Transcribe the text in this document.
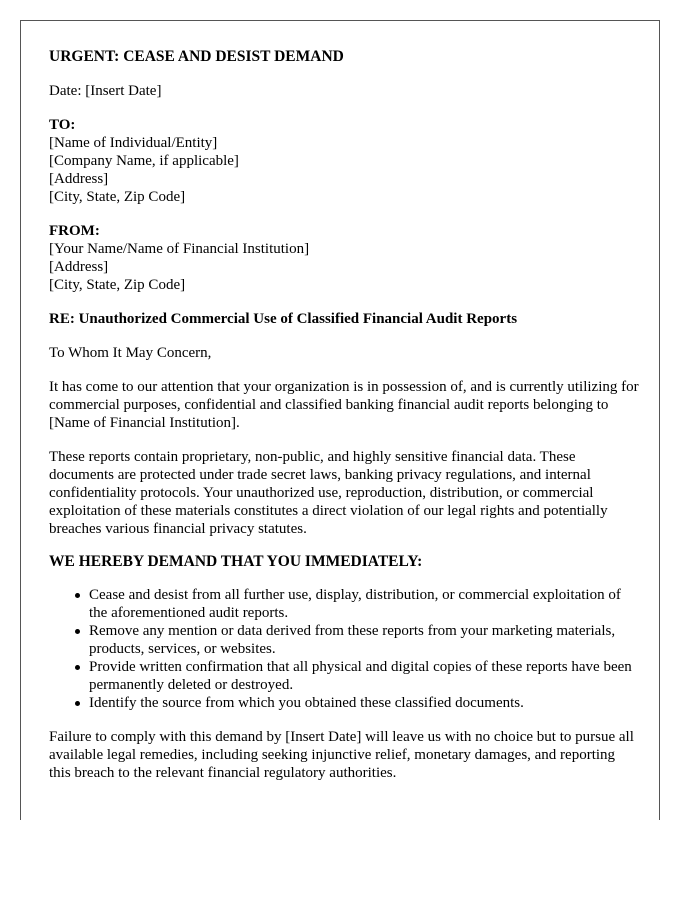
URGENT: CEASE AND DESIST DEMAND

Date: [Insert Date]

TO:
[Name of Individual/Entity]
[Company Name, if applicable]
[Address]
[City, State, Zip Code]
FROM:
[Your Name/Name of Financial Institution]
[Address]
[City, State, Zip Code]

RE: Unauthorized Commercial Use of Classified Financial Audit Reports

To Whom It May Concern,

It has come to our attention that your organization is in possession of, and is currently utilizing for commercial purposes, confidential and classified banking financial audit reports belonging to [Name of Financial Institution].

These reports contain proprietary, non-public, and highly sensitive financial data. These documents are protected under trade secret laws, banking privacy regulations, and internal confidentiality protocols. Your unauthorized use, reproduction, distribution, or commercial exploitation of these materials constitutes a direct violation of our legal rights and potentially breaches various financial privacy statutes.

WE HEREBY DEMAND THAT YOU IMMEDIATELY:

Cease and desist from all further use, display, distribution, or commercial exploitation of the aforementioned audit reports.
Remove any mention or data derived from these reports from your marketing materials, products, services, or websites.
Provide written confirmation that all physical and digital copies of these reports have been permanently deleted or destroyed.
Identify the source from which you obtained these classified documents.

Failure to comply with this demand by [Insert Date] will leave us with no choice but to pursue all available legal remedies, including seeking injunctive relief, monetary damages, and reporting this breach to the relevant financial regulatory authorities.
